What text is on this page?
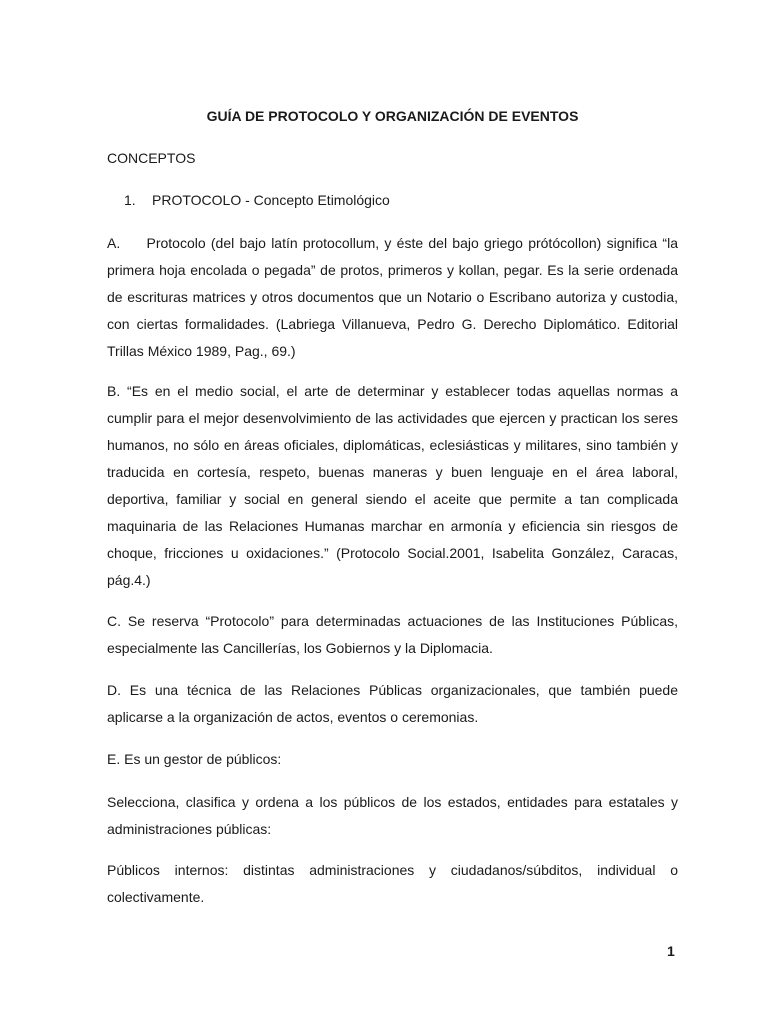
GUÍA DE PROTOCOLO Y ORGANIZACIÓN DE EVENTOS
CONCEPTOS
1. PROTOCOLO - Concepto Etimológico
A.     Protocolo (del bajo latín protocollum, y éste del bajo griego prótócollon) significa “la primera hoja encolada o pegada” de protos, primeros y kollan, pegar. Es la serie ordenada de escrituras matrices y otros documentos que un Notario o Escribano autoriza y custodia, con ciertas formalidades. (Labriega Villanueva, Pedro G. Derecho Diplomático. Editorial Trillas México 1989, Pag., 69.)
B. “Es en el medio social, el arte de determinar y establecer todas aquellas normas a cumplir para el mejor desenvolvimiento de las actividades que ejercen y practican los seres humanos, no sólo en áreas oficiales, diplomáticas, eclesiásticas y militares, sino también y traducida en cortesía, respeto, buenas maneras y buen lenguaje en el área laboral, deportiva, familiar y social en general siendo el aceite que permite a tan complicada maquinaria de las Relaciones Humanas marchar en armonía y eficiencia sin riesgos de choque, fricciones u oxidaciones.” (Protocolo Social.2001, Isabelita González, Caracas, pág.4.)
C. Se reserva “Protocolo” para determinadas actuaciones de las Instituciones Públicas, especialmente las Cancillerías, los Gobiernos y la Diplomacia.
D. Es una técnica de las Relaciones Públicas organizacionales, que también puede aplicarse a la organización de actos, eventos o ceremonias.
E. Es un gestor de públicos:
Selecciona, clasifica y ordena a los públicos de los estados, entidades para estatales y administraciones públicas:
Públicos internos: distintas administraciones y ciudadanos/súbditos, individual o colectivamente.
1
